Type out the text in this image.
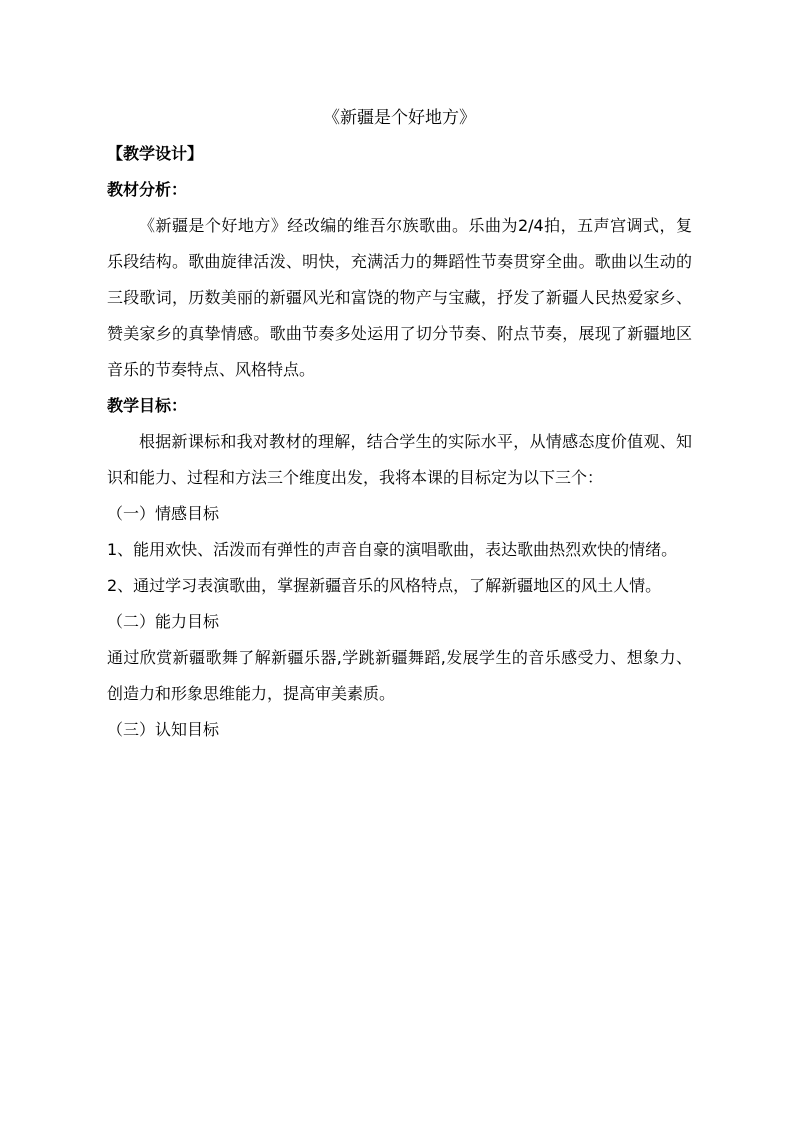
《新疆是个好地方》

【教学设计】

教材分析：

《新疆是个好地方》经改编的维吾尔族歌曲。乐曲为2/4拍，五声宫调式，复乐段结构。歌曲旋律活泼、明快，充满活力的舞蹈性节奏贯穿全曲。歌曲以生动的三段歌词，历数美丽的新疆风光和富饶的物产与宝藏，抒发了新疆人民热爱家乡、赞美家乡的真挚情感。歌曲节奏多处运用了切分节奏、附点节奏，展现了新疆地区音乐的节奏特点、风格特点。

教学目标：

根据新课标和我对教材的理解，结合学生的实际水平，从情感态度价值观、知识和能力、过程和方法三个维度出发，我将本课的目标定为以下三个：

（一）情感目标

1、能用欢快、活泼而有弹性的声音自豪的演唱歌曲，表达歌曲热烈欢快的情绪。

2、通过学习表演歌曲，掌握新疆音乐的风格特点，了解新疆地区的风土人情。

（二）能力目标

通过欣赏新疆歌舞了解新疆乐器,学跳新疆舞蹈,发展学生的音乐感受力、想象力、创造力和形象思维能力，提高审美素质。

（三）认知目标
